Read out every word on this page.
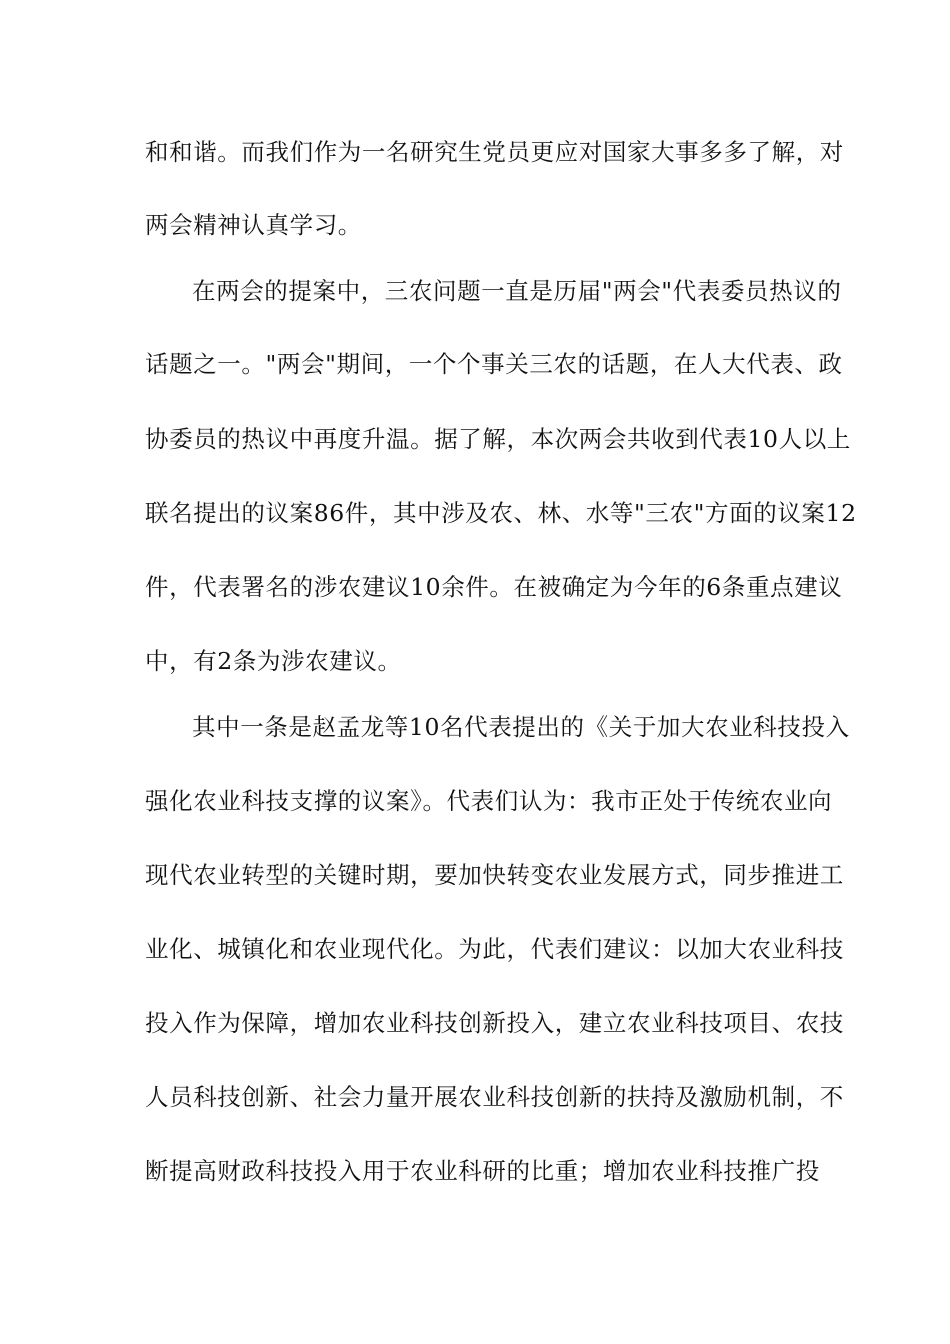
和和谐。而我们作为一名研究生党员更应对国家大事多多了解，对
两会精神认真学习。
在两会的提案中，三农问题一直是历届"两会"代表委员热议的
话题之一。"两会"期间，一个个事关三农的话题，在人大代表、政
协委员的热议中再度升温。据了解，本次两会共收到代表10人以上
联名提出的议案86件，其中涉及农、林、水等"三农"方面的议案12
件，代表署名的涉农建议10余件。在被确定为今年的6条重点建议
中，有2条为涉农建议。
其中一条是赵孟龙等10名代表提出的《关于加大农业科技投入
强化农业科技支撑的议案》。代表们认为：我市正处于传统农业向
现代农业转型的关键时期，要加快转变农业发展方式，同步推进工
业化、城镇化和农业现代化。为此，代表们建议：以加大农业科技
投入作为保障，增加农业科技创新投入，建立农业科技项目、农技
人员科技创新、社会力量开展农业科技创新的扶持及激励机制，不
断提高财政科技投入用于农业科研的比重；增加农业科技推广投
